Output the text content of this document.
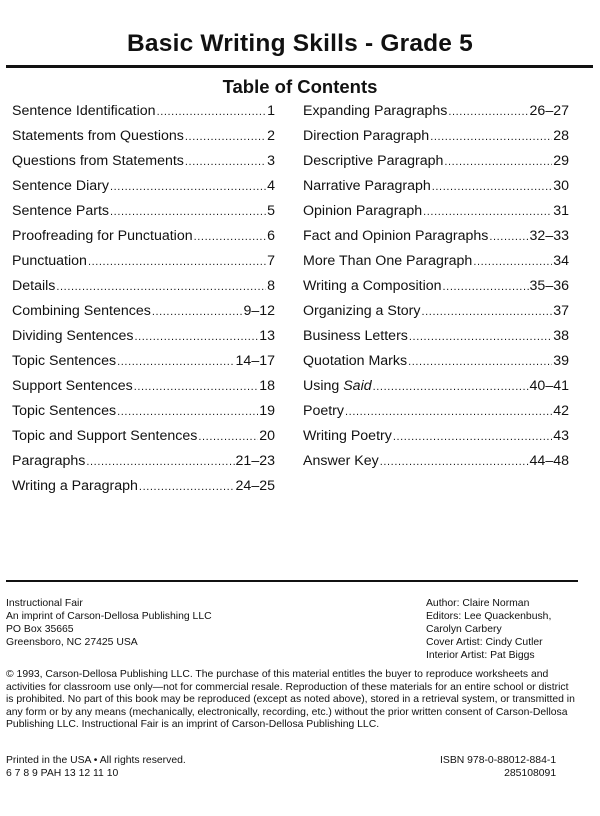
Basic Writing Skills - Grade 5
Table of Contents
Sentence Identification .....	1
Statements from Questions .....	2
Questions from Statements .....	3
Sentence Diary .....	4
Sentence Parts .....	5
Proofreading for Punctuation .....	6
Punctuation .....	7
Details .....	8
Combining Sentences .....	9–12
Dividing Sentences .....	13
Topic Sentences .....	14–17
Support Sentences .....	18
Topic Sentences .....	19
Topic and Support Sentences .....	20
Paragraphs .....	21–23
Writing a Paragraph .....	24–25
Expanding Paragraphs .....	26–27
Direction Paragraph .....	28
Descriptive Paragraph .....	29
Narrative Paragraph .....	30
Opinion Paragraph .....	31
Fact and Opinion Paragraphs .....	32–33
More Than One Paragraph .....	34
Writing a Composition .....	35–36
Organizing a Story .....	37
Business Letters .....	38
Quotation Marks .....	39
Using Said .....	40–41
Poetry .....	42
Writing Poetry .....	43
Answer Key .....	44–48
Instructional Fair
An imprint of Carson-Dellosa Publishing LLC
PO Box 35665
Greensboro, NC 27425 USA
Author: Claire Norman
Editors: Lee Quackenbush,
Carolyn Carbery
Cover Artist: Cindy Cutler
Interior Artist: Pat Biggs
© 1993, Carson-Dellosa Publishing LLC. The purchase of this material entitles the buyer to reproduce worksheets and
activities for classroom use only—not for commercial resale. Reproduction of these materials for an entire school or district
is prohibited. No part of this book may be reproduced (except as noted above), stored in a retrieval system, or transmitted in
any form or by any means (mechanically, electronically, recording, etc.) without the prior written consent of Carson-Dellosa
Publishing LLC. Instructional Fair is an imprint of Carson-Dellosa Publishing LLC.
Printed in the USA • All rights reserved.
6 7 8 9 PAH 13 12 11 10
ISBN 978-0-88012-884-1
285108091
